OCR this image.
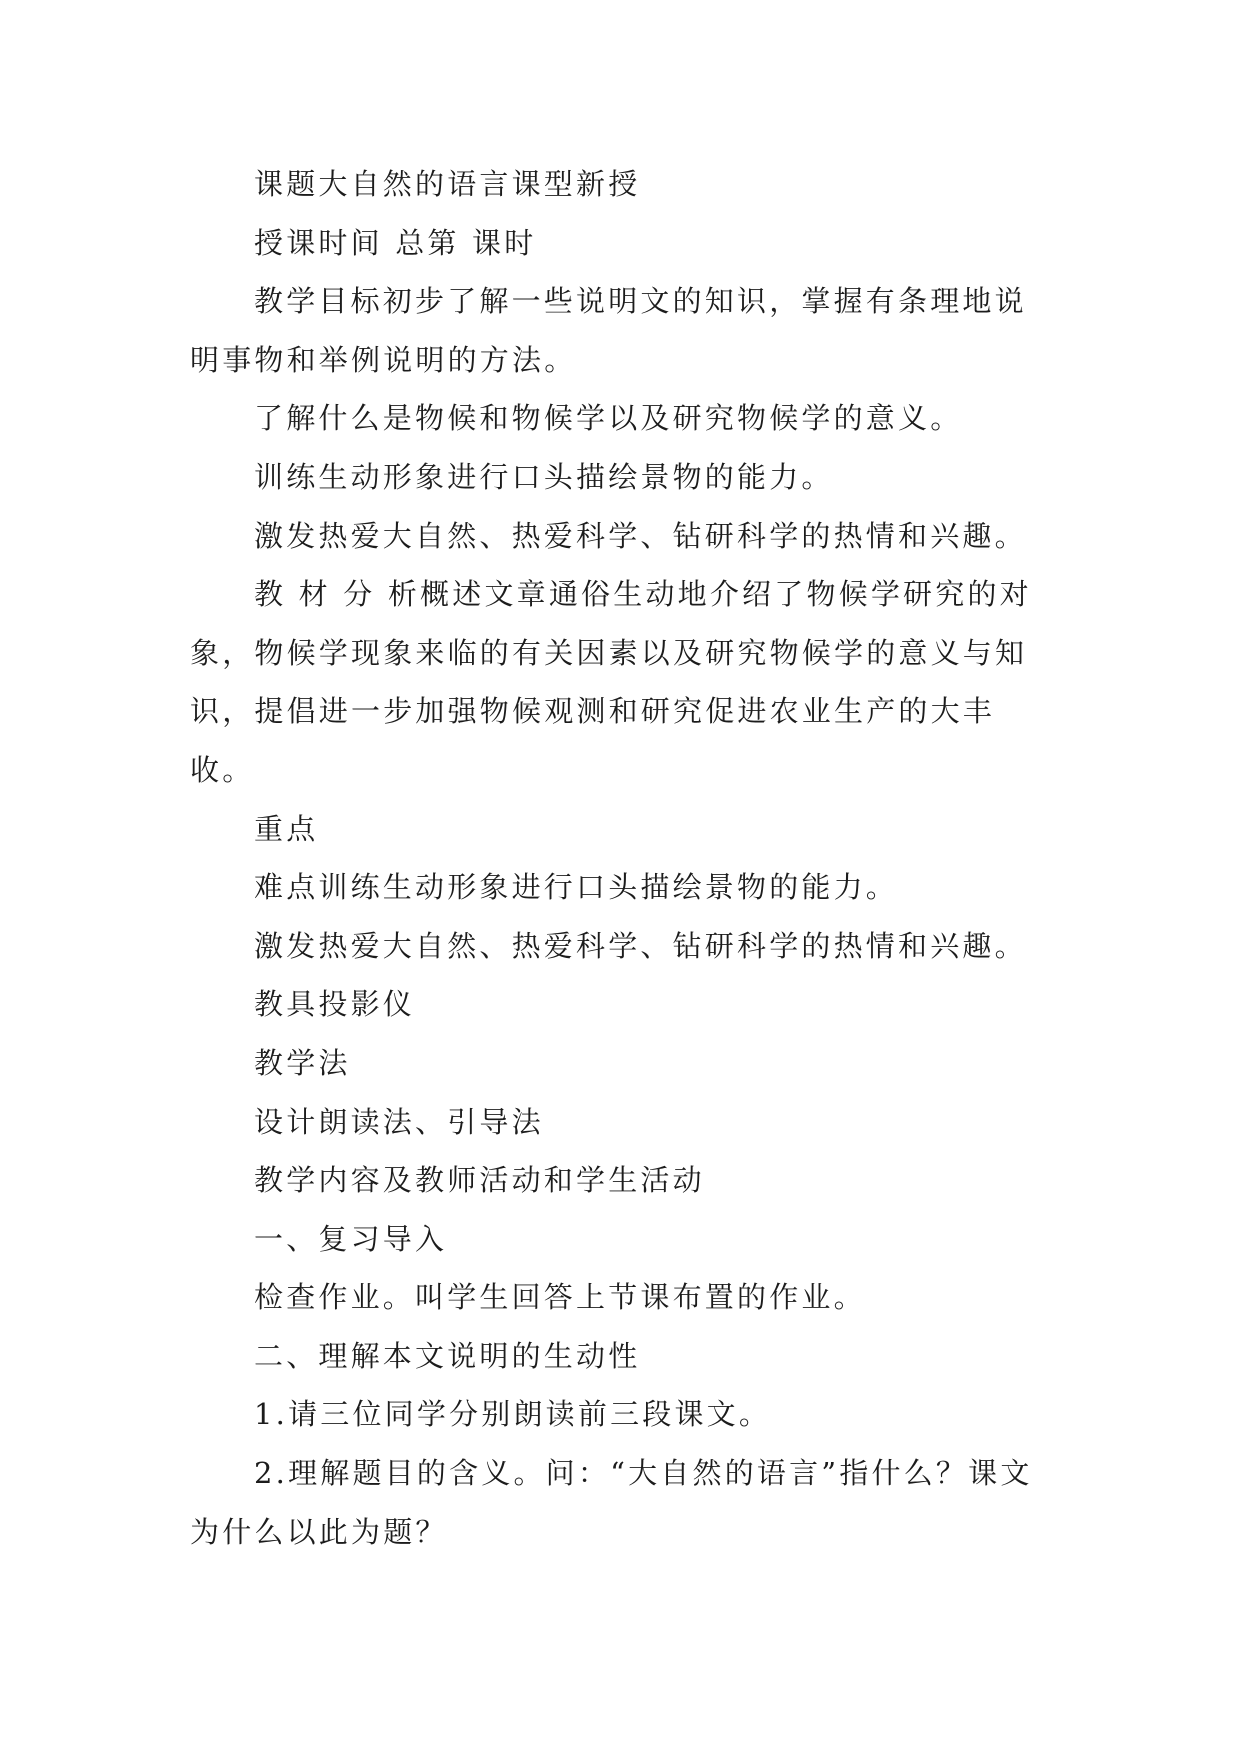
课题大自然的语言课型新授

授课时间 总第 课时

教学目标初步了解一些说明文的知识，掌握有条理地说明事物和举例说明的方法。

了解什么是物候和物候学以及研究物候学的意义。

训练生动形象进行口头描绘景物的能力。

激发热爱大自然、热爱科学、钻研科学的热情和兴趣。

教 材 分 析概述文章通俗生动地介绍了物候学研究的对象，物候学现象来临的有关因素以及研究物候学的意义与知识，提倡进一步加强物候观测和研究促进农业生产的大丰收。

重点

难点训练生动形象进行口头描绘景物的能力。

激发热爱大自然、热爱科学、钻研科学的热情和兴趣。

教具投影仪

教学法

设计朗读法、引导法

教学内容及教师活动和学生活动

一、复习导入

检查作业。叫学生回答上节课布置的作业。

二、理解本文说明的生动性

1.请三位同学分别朗读前三段课文。

2.理解题目的含义。问：“大自然的语言”指什么？课文为什么以此为题？
